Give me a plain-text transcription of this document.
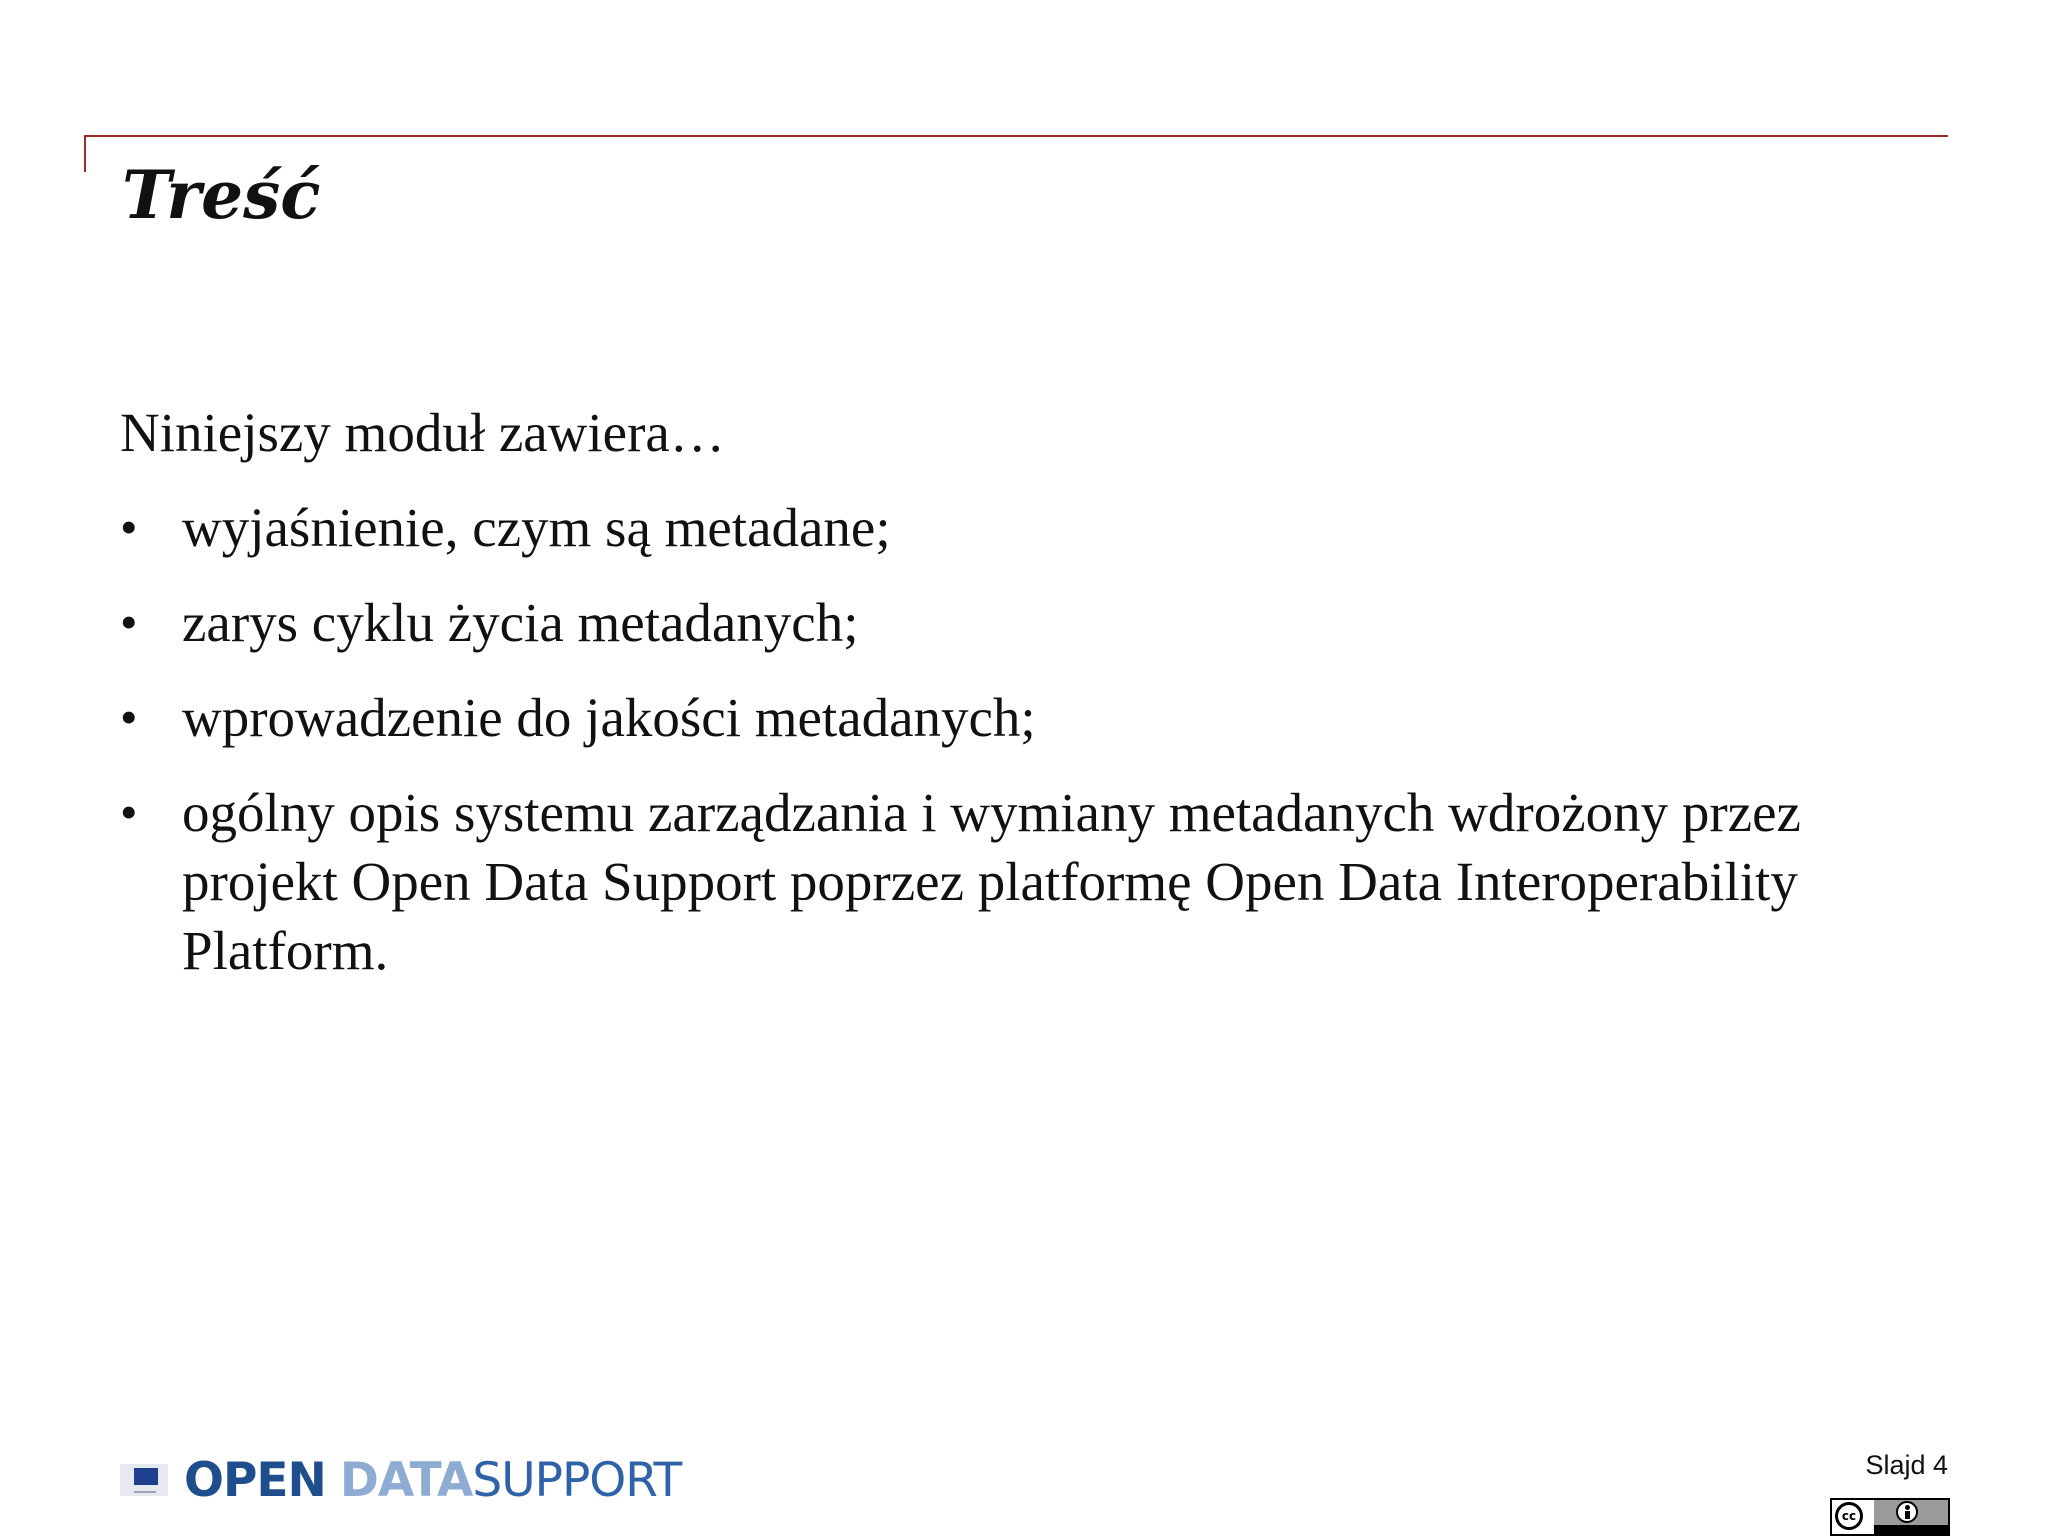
Treść

Niniejszy moduł zawiera…

• wyjaśnienie, czym są metadane;
• zarys cyklu życia metadanych;
• wprowadzenie do jakości metadanych;
• ogólny opis systemu zarządzania i wymiany metadanych wdrożony przez projekt Open Data Support poprzez platformę Open Data Interoperability Platform.
OPEN DATA SUPPORT	Slajd 4
cc
